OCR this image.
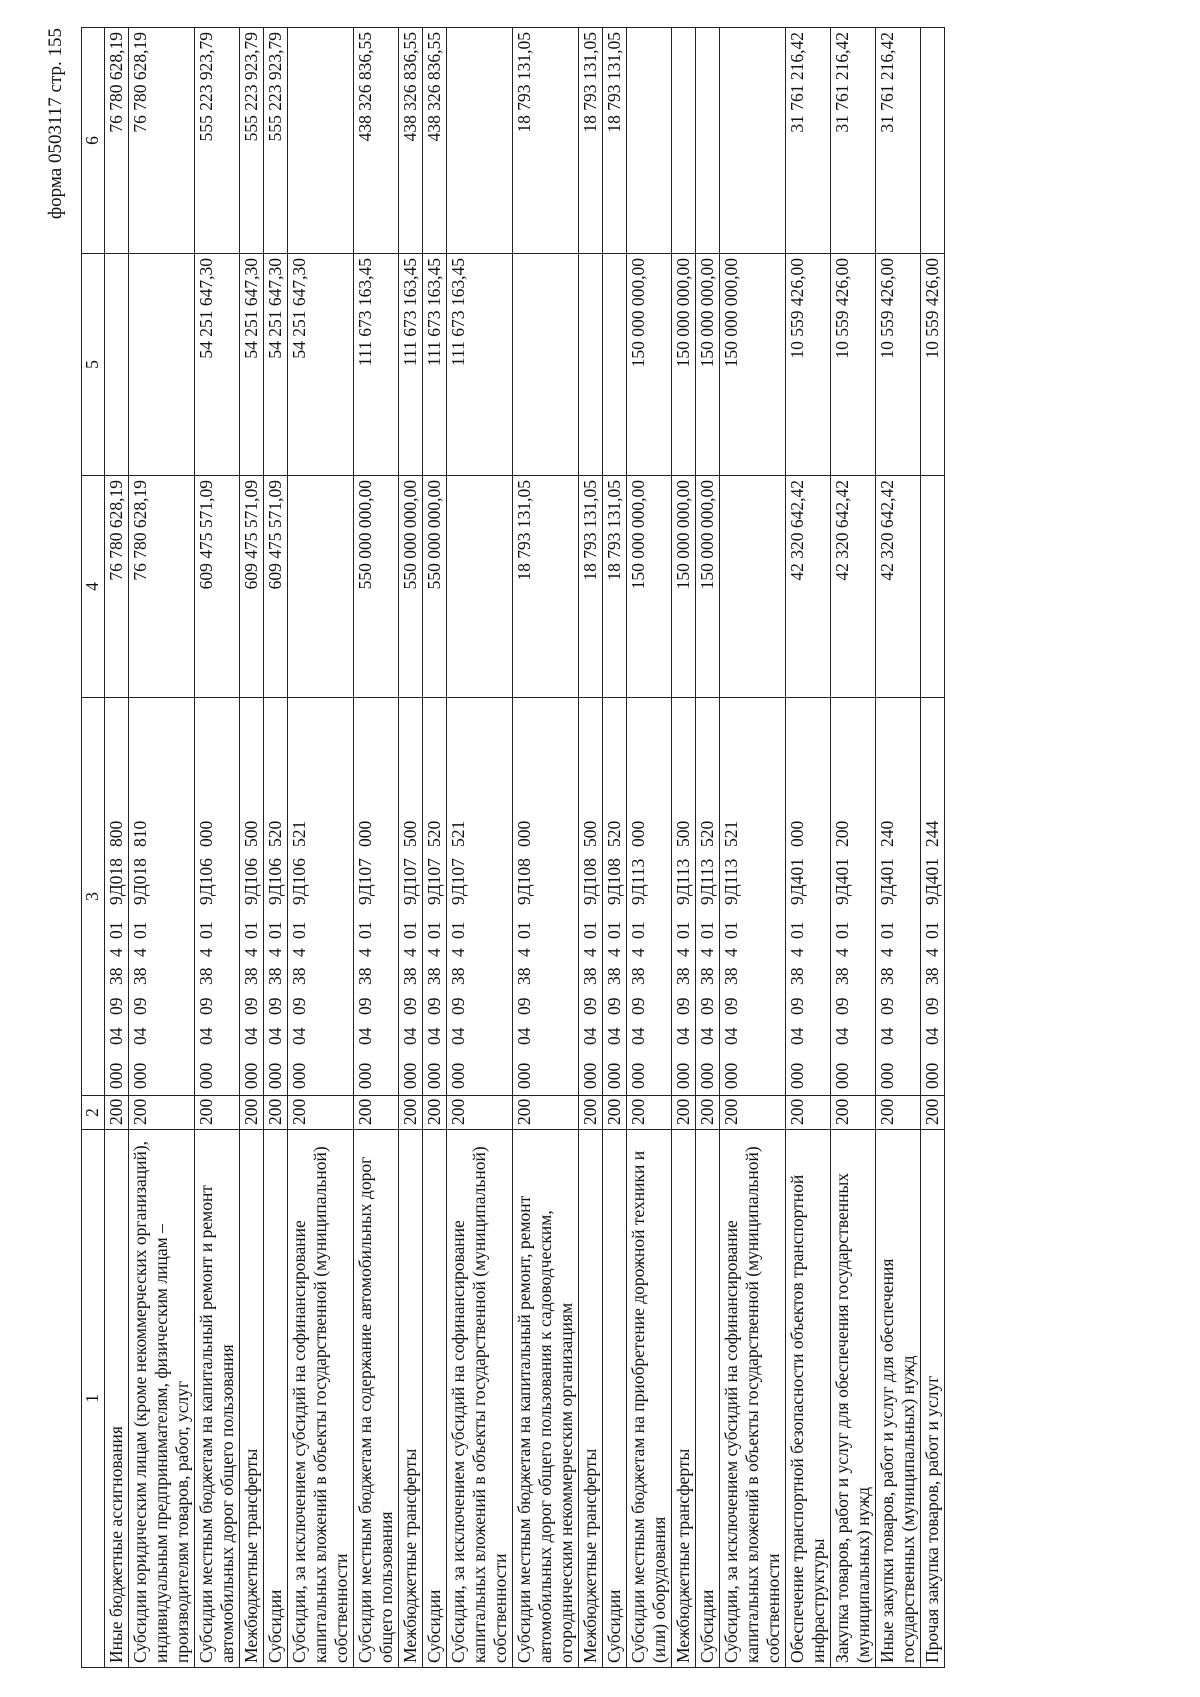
форма 0503117 стр. 155
1	2	3	4	5	6
Иные бюджетные ассигнования	200	0000409384019Д018800	76 780 628,19		76 780 628,19
Субсидии юридическим лицам (кроме некоммерческих организаций), индивидуальным предпринимателям, физическим лицам – производителям товаров, работ, услуг	200	0000409384019Д018810	76 780 628,19		76 780 628,19
Субсидии местным бюджетам на капитальный ремонт и ремонт автомобильных дорог общего пользования	200	0000409384019Д106000	609 475 571,09	54 251 647,30	555 223 923,79
Межбюджетные трансферты	200	0000409384019Д106500	609 475 571,09	54 251 647,30	555 223 923,79
Субсидии	200	0000409384019Д106520	609 475 571,09	54 251 647,30	555 223 923,79
Субсидии, за исключением субсидий на софинансирование капитальных вложений в объекты государственной (муниципальной) собственности	200	0000409384019Д106521		54 251 647,30	
Субсидии местным бюджетам на содержание автомобильных дорог общего пользования	200	0000409384019Д107000	550 000 000,00	111 673 163,45	438 326 836,55
Межбюджетные трансферты	200	0000409384019Д107500	550 000 000,00	111 673 163,45	438 326 836,55
Субсидии	200	0000409384019Д107520	550 000 000,00	111 673 163,45	438 326 836,55
Субсидии, за исключением субсидий на софинансирование капитальных вложений в объекты государственной (муниципальной) собственности	200	0000409384019Д107521		111 673 163,45	
Субсидии местным бюджетам на капитальный ремонт, ремонт автомобильных дорог общего пользования к садоводческим, огородническим некоммерческим организациям	200	0000409384019Д108000	18 793 131,05		18 793 131,05
Межбюджетные трансферты	200	0000409384019Д108500	18 793 131,05		18 793 131,05
Субсидии	200	0000409384019Д108520	18 793 131,05		18 793 131,05
Субсидии местным бюджетам на приобретение дорожной техники и (или) оборудования	200	0000409384019Д113000	150 000 000,00	150 000 000,00	
Межбюджетные трансферты	200	0000409384019Д113500	150 000 000,00	150 000 000,00	
Субсидии	200	0000409384019Д113520	150 000 000,00	150 000 000,00	
Субсидии, за исключением субсидий на софинансирование капитальных вложений в объекты государственной (муниципальной) собственности	200	0000409384019Д113521		150 000 000,00	
Обеспечение транспортной безопасности объектов транспортной инфраструктуры	200	0000409384019Д401000	42 320 642,42	10 559 426,00	31 761 216,42
Закупка товаров, работ и услуг для обеспечения государственных (муниципальных) нужд	200	0000409384019Д401200	42 320 642,42	10 559 426,00	31 761 216,42
Иные закупки товаров, работ и услуг для обеспечения государственных (муниципальных) нужд	200	0000409384019Д401240	42 320 642,42	10 559 426,00	31 761 216,42
Прочая закупка товаров, работ и услуг	200	0000409384019Д401244		10 559 426,00	
